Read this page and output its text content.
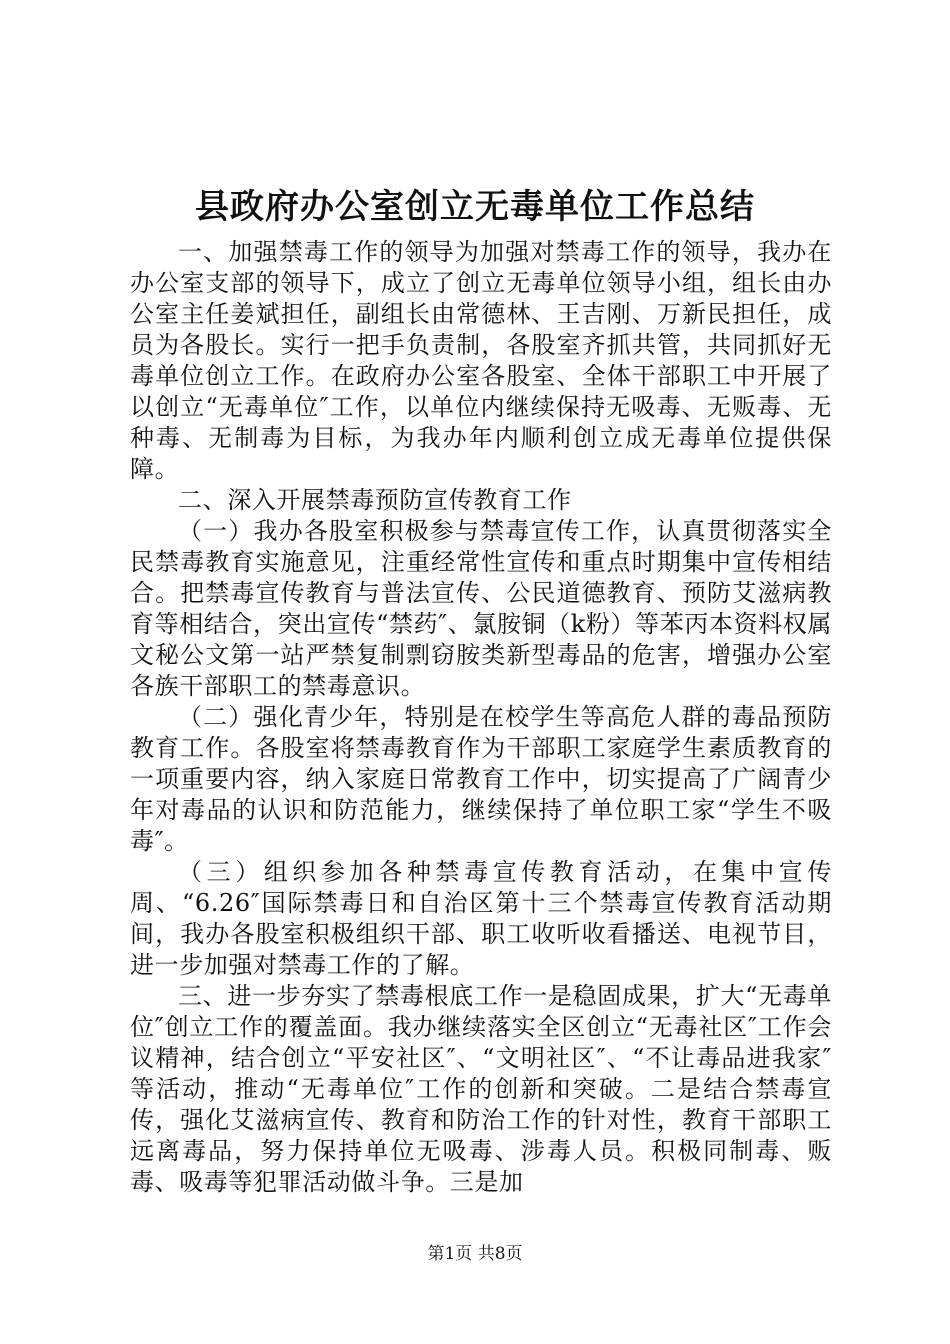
县政府办公室创立无毒单位工作总结

一、加强禁毒工作的领导为加强对禁毒工作的领导，我办在办公室支部的领导下，成立了创立无毒单位领导小组，组长由办公室主任姜斌担任，副组长由常德林、王吉刚、万新民担任，成员为各股长。实行一把手负责制，各股室齐抓共管，共同抓好无毒单位创立工作。在政府办公室各股室、全体干部职工中开展了以创立“无毒单位″工作，以单位内继续保持无吸毒、无贩毒、无种毒、无制毒为目标，为我办年内顺利创立成无毒单位提供保障。

二、深入开展禁毒预防宣传教育工作

（一）我办各股室积极参与禁毒宣传工作，认真贯彻落实全民禁毒教育实施意见，注重经常性宣传和重点时期集中宣传相结合。把禁毒宣传教育与普法宣传、公民道德教育、预防艾滋病教育等相结合，突出宣传“禁药″、氯胺铜（k粉）等苯丙本资料权属文秘公文第一站严禁复制剽窃胺类新型毒品的危害，增强办公室各族干部职工的禁毒意识。

（二）强化青少年，特别是在校学生等高危人群的毒品预防教育工作。各股室将禁毒教育作为干部职工家庭学生素质教育的一项重要内容，纳入家庭日常教育工作中，切实提高了广阔青少年对毒品的认识和防范能力，继续保持了单位职工家“学生不吸毒″。

（三）组织参加各种禁毒宣传教育活动，在集中宣传周、“6.26″国际禁毒日和自治区第十三个禁毒宣传教育活动期间，我办各股室积极组织干部、职工收听收看播送、电视节目，进一步加强对禁毒工作的了解。

三、进一步夯实了禁毒根底工作一是稳固成果，扩大“无毒单位″创立工作的覆盖面。我办继续落实全区创立“无毒社区″工作会议精神，结合创立“平安社区″、“文明社区″、“不让毒品进我家″等活动，推动“无毒单位″工作的创新和突破。二是结合禁毒宣传，强化艾滋病宣传、教育和防治工作的针对性，教育干部职工远离毒品，努力保持单位无吸毒、涉毒人员。积极同制毒、贩毒、吸毒等犯罪活动做斗争。三是加

第1页 共8页
